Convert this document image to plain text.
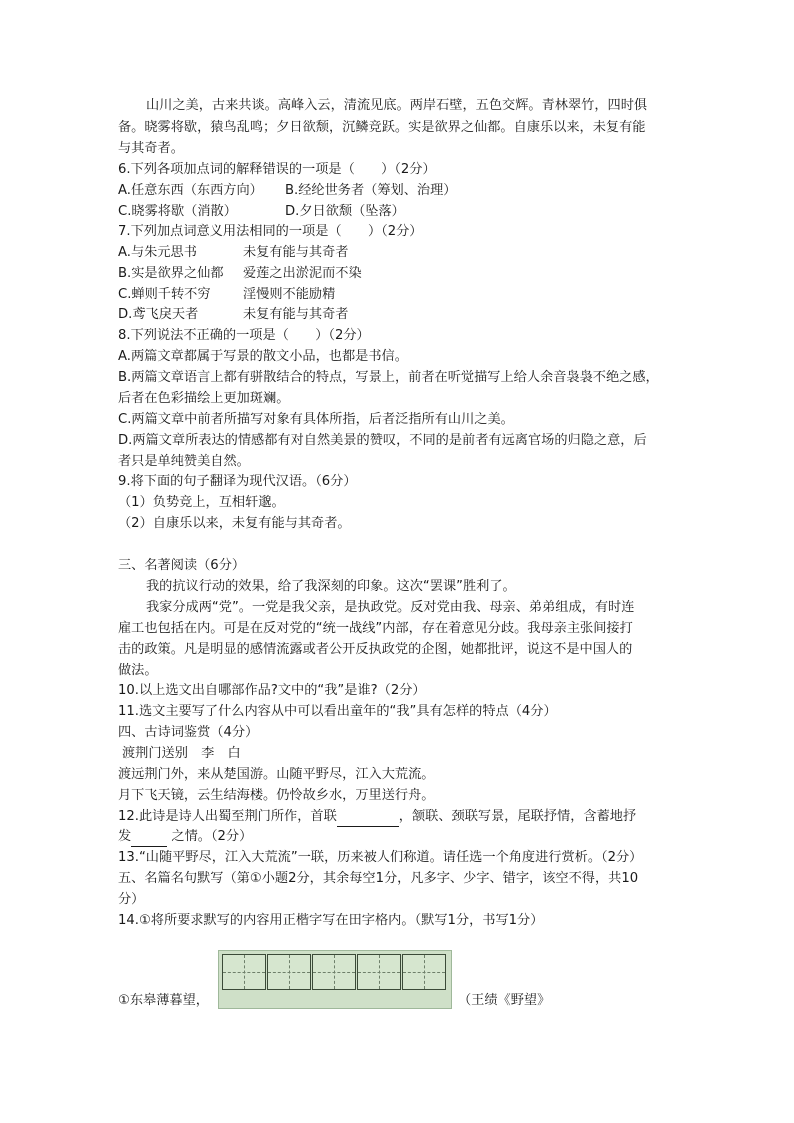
山川之美，古来共谈。高峰入云，清流见底。两岸石壁，五色交辉。青林翠竹，四时俱
备。晓雾将歇，猿鸟乱鸣；夕日欲颓，沉鳞竞跃。实是欲界之仙都。自康乐以来，未复有能
与其奇者。
6.下列各项加点词的解释错误的一项是（　　）（2分）
A.任意东西（东西方向） B.经纶世务者（筹划、治理）
C.晓雾将歇（消散）	D.夕日欲颓（坠落）
7.下列加点词意义用法相同的一项是（　　）（2分）
A.与朱元思书	未复有能与其奇者
B.实是欲界之仙都 爱莲之出淤泥而不染
C.蝉则千转不穷 淫慢则不能励精
D.鸢飞戾天者	未复有能与其奇者
8.下列说法不正确的一项是（　　）（2分）
A.两篇文章都属于写景的散文小品，也都是书信。
B.两篇文章语言上都有骈散结合的特点，写景上，前者在听觉描写上给人余音袅袅不绝之感，
后者在色彩描绘上更加斑斓。
C.两篇文章中前者所描写对象有具体所指，后者泛指所有山川之美。
D.两篇文章所表达的情感都有对自然美景的赞叹，不同的是前者有远离官场的归隐之意，后
者只是单纯赞美自然。
9.将下面的句子翻译为现代汉语。（6分）
（1）负势竞上，互相轩邈。
（2）自康乐以来，未复有能与其奇者。
三、名著阅读（6分）
我的抗议行动的效果，给了我深刻的印象。这次“罢课”胜利了。
我家分成两“党”。一党是我父亲，是执政党。反对党由我、母亲、弟弟组成，有时连
雇工也包括在内。可是在反对党的“统一战线”内部，存在着意见分歧。我母亲主张间接打
击的政策。凡是明显的感情流露或者公开反执政党的企图，她都批评，说这不是中国人的
做法。
10.以上选文出自哪部作品?文中的“我”是谁?（2分）
11.选文主要写了什么内容从中可以看出童年的“我”具有怎样的特点（4分）
四、古诗词鉴赏（4分）
渡荆门送别　李　白
渡远荆门外，来从楚国游。山随平野尽，江入大荒流。
月下飞天镜，云生结海楼。仍怜故乡水，万里送行舟。
12.此诗是诗人出蜀至荆门所作，首联	，颔联、颈联写景，尾联抒情，含蓄地抒
发	之情。（2分）
13.“山随平野尽，江入大荒流”一联，历来被人们称道。请任选一个角度进行赏析。（2分）
五、名篇名句默写（第①小题2分，其余每空1分，凡多字、少字、错字，该空不得，共10
分）
14.①将所要求默写的内容用正楷字写在田字格内。（默写1分，书写1分）
①东皋薄暮望，	（王绩《野望》
